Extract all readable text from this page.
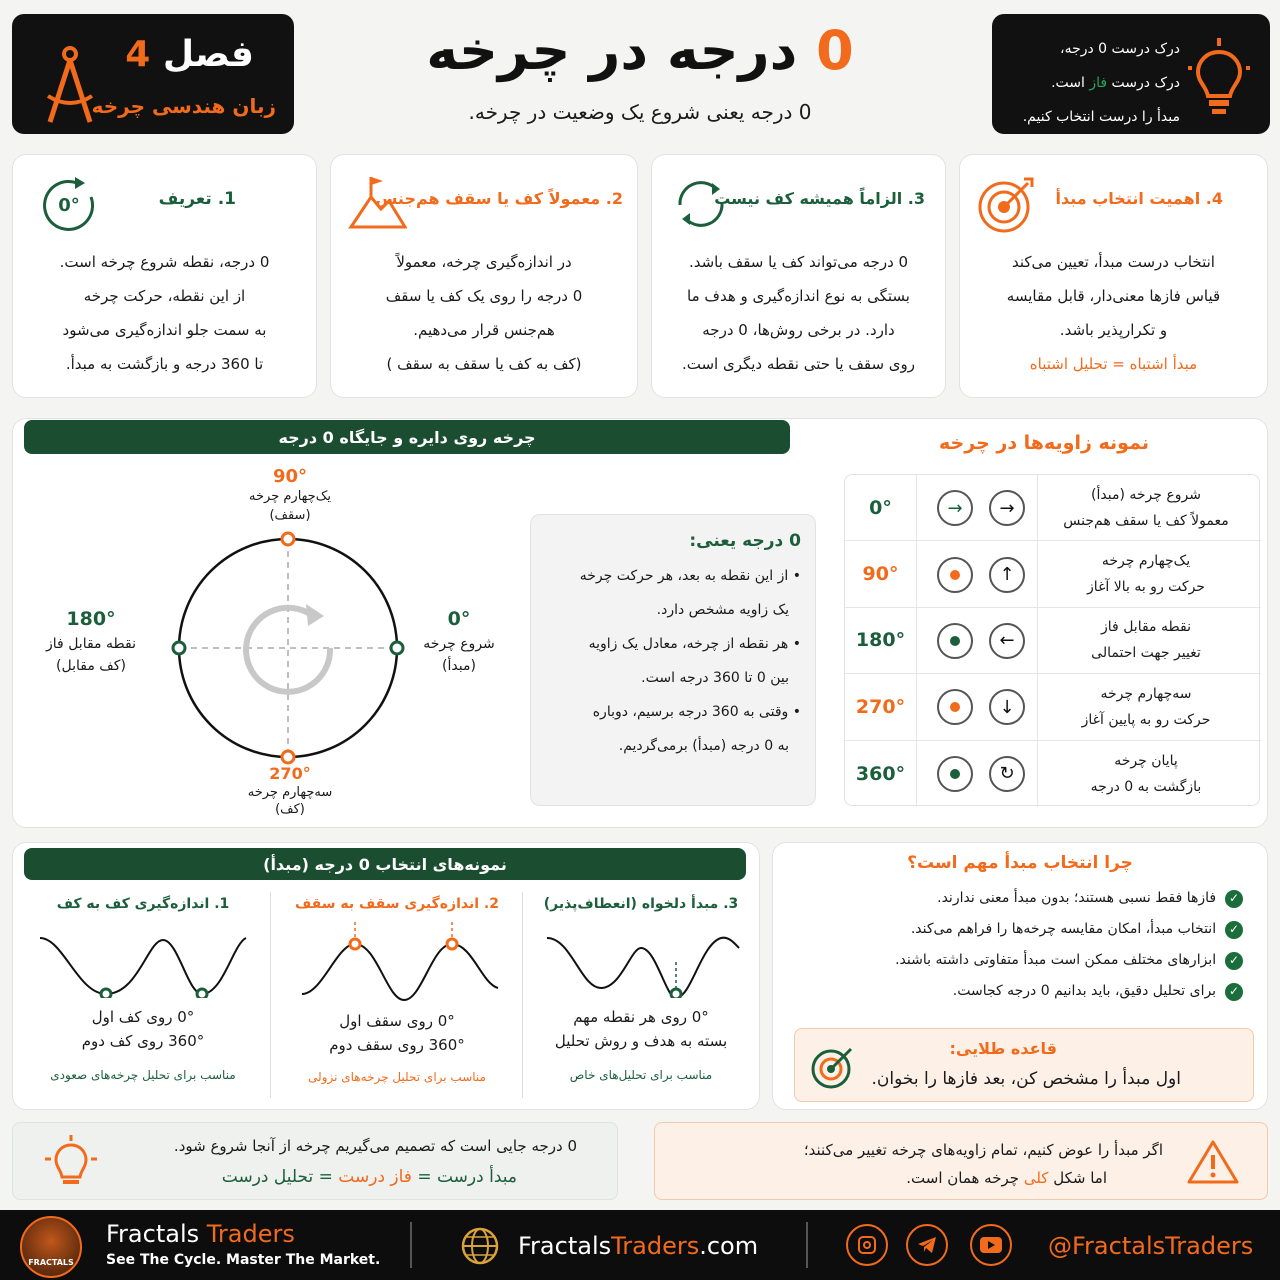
فصل 4
زبان هندسی چرخه
0 درجه در چرخه
0 درجه یعنی شروع یک وضعیت در چرخه.
درک درست 0 درجه،
درک درست فاز است.
مبدأ را درست انتخاب کنیم.
0°	1. تعریف
0 درجه، نقطه شروع چرخه است.
از این نقطه، حرکت چرخه
به سمت جلو اندازه‌گیری می‌شود
تا 360 درجه و بازگشت به مبدأ.
2. معمولاً کف یا سقف هم‌جنس
در اندازه‌گیری چرخه، معمولاً
0 درجه را روی یک کف یا سقف
هم‌جنس قرار می‌دهیم.
(کف به کف یا سقف به سقف )
3. الزاماً همیشه کف نیست
0 درجه می‌تواند کف یا سقف باشد.
بستگی به نوع اندازه‌گیری و هدف ما
دارد. در برخی روش‌ها، 0 درجه
روی سقف یا حتی نقطه دیگری است.
4. اهمیت انتخاب مبدأ
انتخاب درست مبدأ، تعیین می‌کند
قیاس فازها معنی‌دار، قابل مقایسه
و تکرارپذیر باشد.
مبدأ اشتباه = تحلیل اشتباه
چرخه روی دایره و جایگاه 0 درجه
90°
یک‌چهارم چرخه
(سقف)
0°
شروع چرخه
(مبدأ)
180°
نقطه مقابل فاز
(کف مقابل)
270°
سه‌چهارم چرخه
(کف)
0 درجه یعنی:
• از این نقطه به بعد، هر حرکت چرخه
یک زاویه مشخص دارد.
• هر نقطه از چرخه، معادل یک زاویه
بین 0 تا 360 درجه است.
• وقتی به 360 درجه برسیم، دوباره
به 0 درجه (مبدأ) برمی‌گردیم.
نمونه زاویه‌ها در چرخه
0°	→	→
شروع چرخه (مبدأ)
معمولاً کف یا سقف هم‌جنس
90°	↑
یک‌چهارم چرخه
حرکت رو به بالا آغاز
180°	←
نقطه مقابل فاز
تغییر جهت احتمالی
270°	↓
سه‌چهارم چرخه
حرکت رو به پایین آغاز
360°	↻
پایان چرخه
بازگشت به 0 درجه
نمونه‌های انتخاب 0 درجه (مبدأ)
1. اندازه‌گیری کف به کف
0° روی کف اول
360° روی کف دوم
مناسب برای تحلیل چرخه‌های صعودی
2. اندازه‌گیری سقف به سقف
0° روی سقف اول
360° روی سقف دوم
مناسب برای تحلیل چرخه‌های نزولی
3. مبدأ دلخواه (انعطاف‌پذیر)
0° روی هر نقطه مهم
بسته به هدف و روش تحلیل
مناسب برای تحلیل‌های خاص
چرا انتخاب مبدأ مهم است؟
✓  فازها فقط نسبی هستند؛ بدون مبدأ معنی ندارند.
✓  انتخاب مبدأ، امکان مقایسه چرخه‌ها را فراهم می‌کند.
✓  ابزارهای مختلف ممکن است مبدأ متفاوتی داشته باشند.
✓  برای تحلیل دقیق، باید بدانیم 0 درجه کجاست.
قاعده طلایی:
اول مبدأ را مشخص کن، بعد فازها را بخوان.
0 درجه جایی است که تصمیم می‌گیریم چرخه از آنجا شروع شود.
مبدأ درست = فاز درست = تحلیل درست
اگر مبدأ را عوض کنیم، تمام زاویه‌های چرخه تغییر می‌کنند؛
اما شکل کلی چرخه همان است.
FRACTALS
Fractals Traders
See The Cycle. Master The Market.	FractalsTraders.com	@FractalsTraders
